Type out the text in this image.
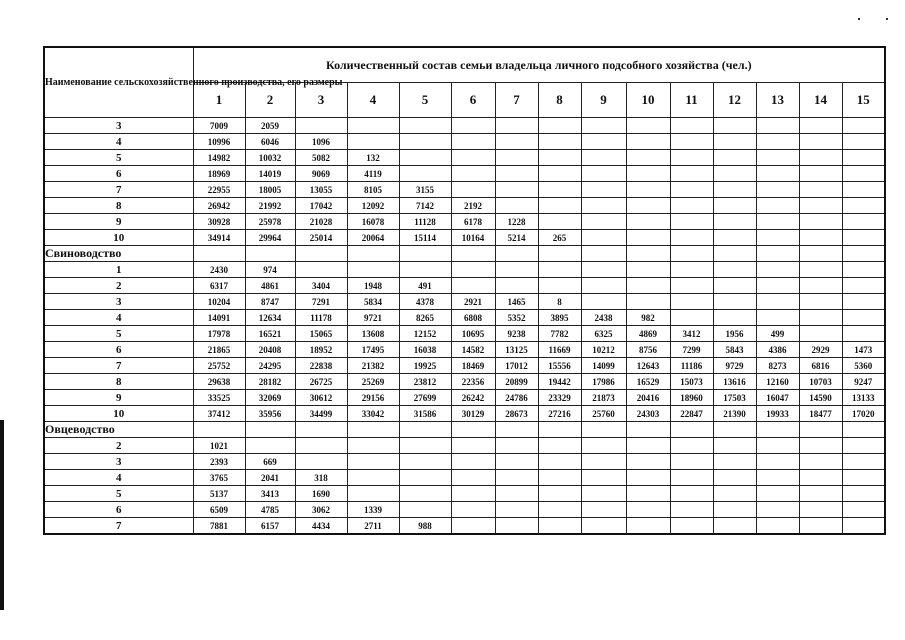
Наименование сельскохозяйственного производства, его размеры	Количественный состав семьи владельца личного подсобного хозяйства (чел.)														
	1	2	3	4	5	6	7	8	9	10	11	12	13	14	15
3	7009	2059													
4	10996	6046	1096												
5	14982	10032	5082	132											
6	18969	14019	9069	4119											
7	22955	18005	13055	8105	3155										
8	26942	21992	17042	12092	7142	2192									
9	30928	25978	21028	16078	11128	6178	1228								
10	34914	29964	25014	20064	15114	10164	5214	265							
Свиноводство															
1	2430	974													
2	6317	4861	3404	1948	491										
3	10204	8747	7291	5834	4378	2921	1465	8							
4	14091	12634	11178	9721	8265	6808	5352	3895	2438	982					
5	17978	16521	15065	13608	12152	10695	9238	7782	6325	4869	3412	1956	499		
6	21865	20408	18952	17495	16038	14582	13125	11669	10212	8756	7299	5843	4386	2929	1473
7	25752	24295	22838	21382	19925	18469	17012	15556	14099	12643	11186	9729	8273	6816	5360
8	29638	28182	26725	25269	23812	22356	20899	19442	17986	16529	15073	13616	12160	10703	9247
9	33525	32069	30612	29156	27699	26242	24786	23329	21873	20416	18960	17503	16047	14590	13133
10	37412	35956	34499	33042	31586	30129	28673	27216	25760	24303	22847	21390	19933	18477	17020
Овцеводство															
2	1021														
3	2393	669													
4	3765	2041	318												
5	5137	3413	1690												
6	6509	4785	3062	1339											
7	7881	6157	4434	2711	988										
